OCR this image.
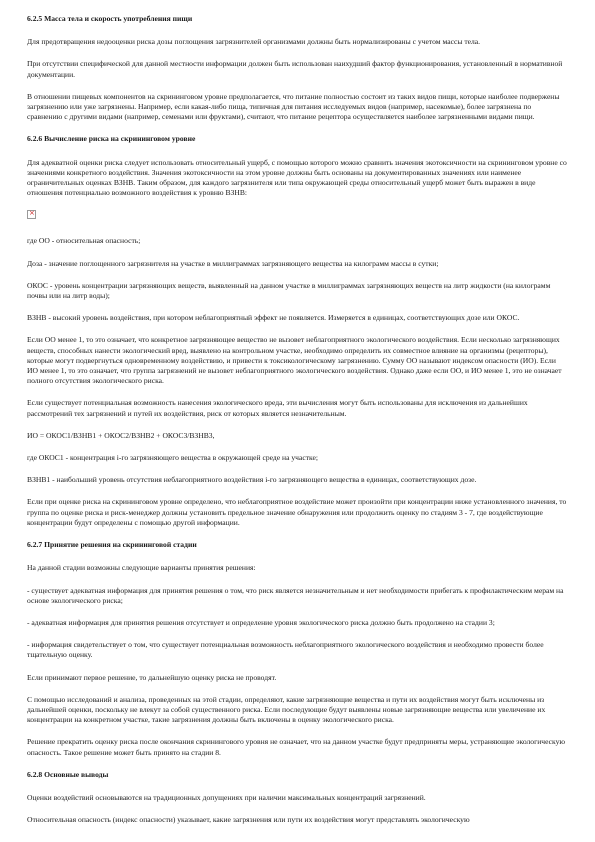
6.2.5 Масса тела и скорость употребления пищи

Для предотвращения недооценки риска дозы поглощения загрязнителей организмами должны быть нормализированы с учетом массы тела.

При отсутствии специфической для данной местности информации должен быть использован наихудший фактор функционирования, установленный в нормативной документации.

В отношении пищевых компонентов на скрининговом уровне предполагается, что питание полностью состоит из таких видов пищи, которые наиболее подвержены загрязнению или уже загрязнены. Например, если какая-либо пища, типичная для питания исследуемых видов (например, насекомые), более загрязнена по сравнению с другими видами (например, семенами или фруктами), считают, что питание рецептора осуществляется наиболее загрязненными видами пищи.

6.2.6 Вычисление риска на скрининговом уровне

Для адекватной оценки риска следует использовать относительный ущерб, с помощью которого можно сравнить значения экотоксичности на скрининговом уровне со значениями конкретного воздействия. Значения экотоксичности на этом уровне должны быть основаны на документированных значениях или наименее ограничительных оценках ВЗНВ. Таким образом, для каждого загрязнителя или типа окружающей среды относительный ущерб может быть выражен в виде отношения потенциально возможного воздействия к уровню ВЗНВ:

×

где ОО - относительная опасность;

Доза - значение поглощенного загрязнителя на участке в миллиграммах загрязняющего вещества на килограмм массы в сутки;

ОКОС - уровень концентрации загрязняющих веществ, выявленный на данном участке в миллиграммах загрязняющих веществ на литр жидкости (на килограмм почвы или на литр воды);

ВЗНВ - высокий уровень воздействия, при котором неблагоприятный эффект не появляется. Измеряется в единицах, соответствующих дозе или ОКОС.

Если ОО менее 1, то это означает, что конкретное загрязняющее вещество не вызовет неблагоприятного экологического воздействия. Если несколько загрязняющих веществ, способных нанести экологический вред, выявлено на контрольном участке, необходимо определить их совместное влияние на организмы (рецепторы), которые могут подвергнуться одновременному воздействию, и привести к токсикологическому загрязнению. Сумму ОО называют индексом опасности (ИО). Если ИО менее 1, то это означает, что группа загрязнений не вызовет неблагоприятного экологического воздействия. Однако даже если ОО, и ИО менее 1, это не означает полного отсутствия экологического риска.

Если существует потенциальная возможность нанесения экологического вреда, эти вычисления могут быть использованы для исключения из дальнейших рассмотрений тех загрязнений и путей их воздействия, риск от которых является незначительным.

ИО = ОКОС1/ВЗНВ1 + ОКОС2/ВЗНВ2 + ОКОС3/ВЗНВ3,

где ОКОС1 - концентрация i-го загрязняющего вещества в окружающей среде на участке;

ВЗНВ1 - наибольший уровень отсутствия неблагоприятного воздействия i-го загрязняющего вещества в единицах, соответствующих дозе.

Если при оценке риска на скрининговом уровне определено, что неблагоприятное воздействие может произойти при концентрации ниже установленного значения, то группа по оценке риска и риск-менеджер должны установить предельное значение обнаружения или продолжить оценку по стадиям 3 - 7, где воздействующие концентрации будут определены с помощью другой информации.

6.2.7 Принятие решения на скрининговой стадии

На данной стадии возможны следующие варианты принятия решения:

- существует адекватная информация для принятия решения о том, что риск является незначительным и нет необходимости прибегать к профилактическим мерам на основе экологического риска;

- адекватная информация для принятия решения отсутствует и определение уровня экологического риска должно быть продолжено на стадии 3;

- информация свидетельствует о том, что существует потенциальная возможность неблагоприятного экологического воздействия и необходимо провести более тщательную оценку.

Если принимают первое решение, то дальнейшую оценку риска не проводят.

С помощью исследований и анализа, проведенных на этой стадии, определяют, какие загрязняющие вещества и пути их воздействия могут быть исключены из дальнейшей оценки, поскольку не влекут за собой существенного риска. Если последующие будут выявлены новые загрязняющие вещества или увеличение их концентрации на конкретном участке, такие загрязнения должны быть включены в оценку экологического риска.

Решение прекратить оценку риска после окончания скринингового уровня не означает, что на данном участке будут предприняты меры, устраняющие экологическую опасность. Такое решение может быть принято на стадии 8.

6.2.8 Основные выводы

Оценки воздействий основываются на традиционных допущениях при наличии максимальных концентраций загрязнений.

Относительная опасность (индекс опасности) указывает, какие загрязнения или пути их воздействия могут представлять экологическую
